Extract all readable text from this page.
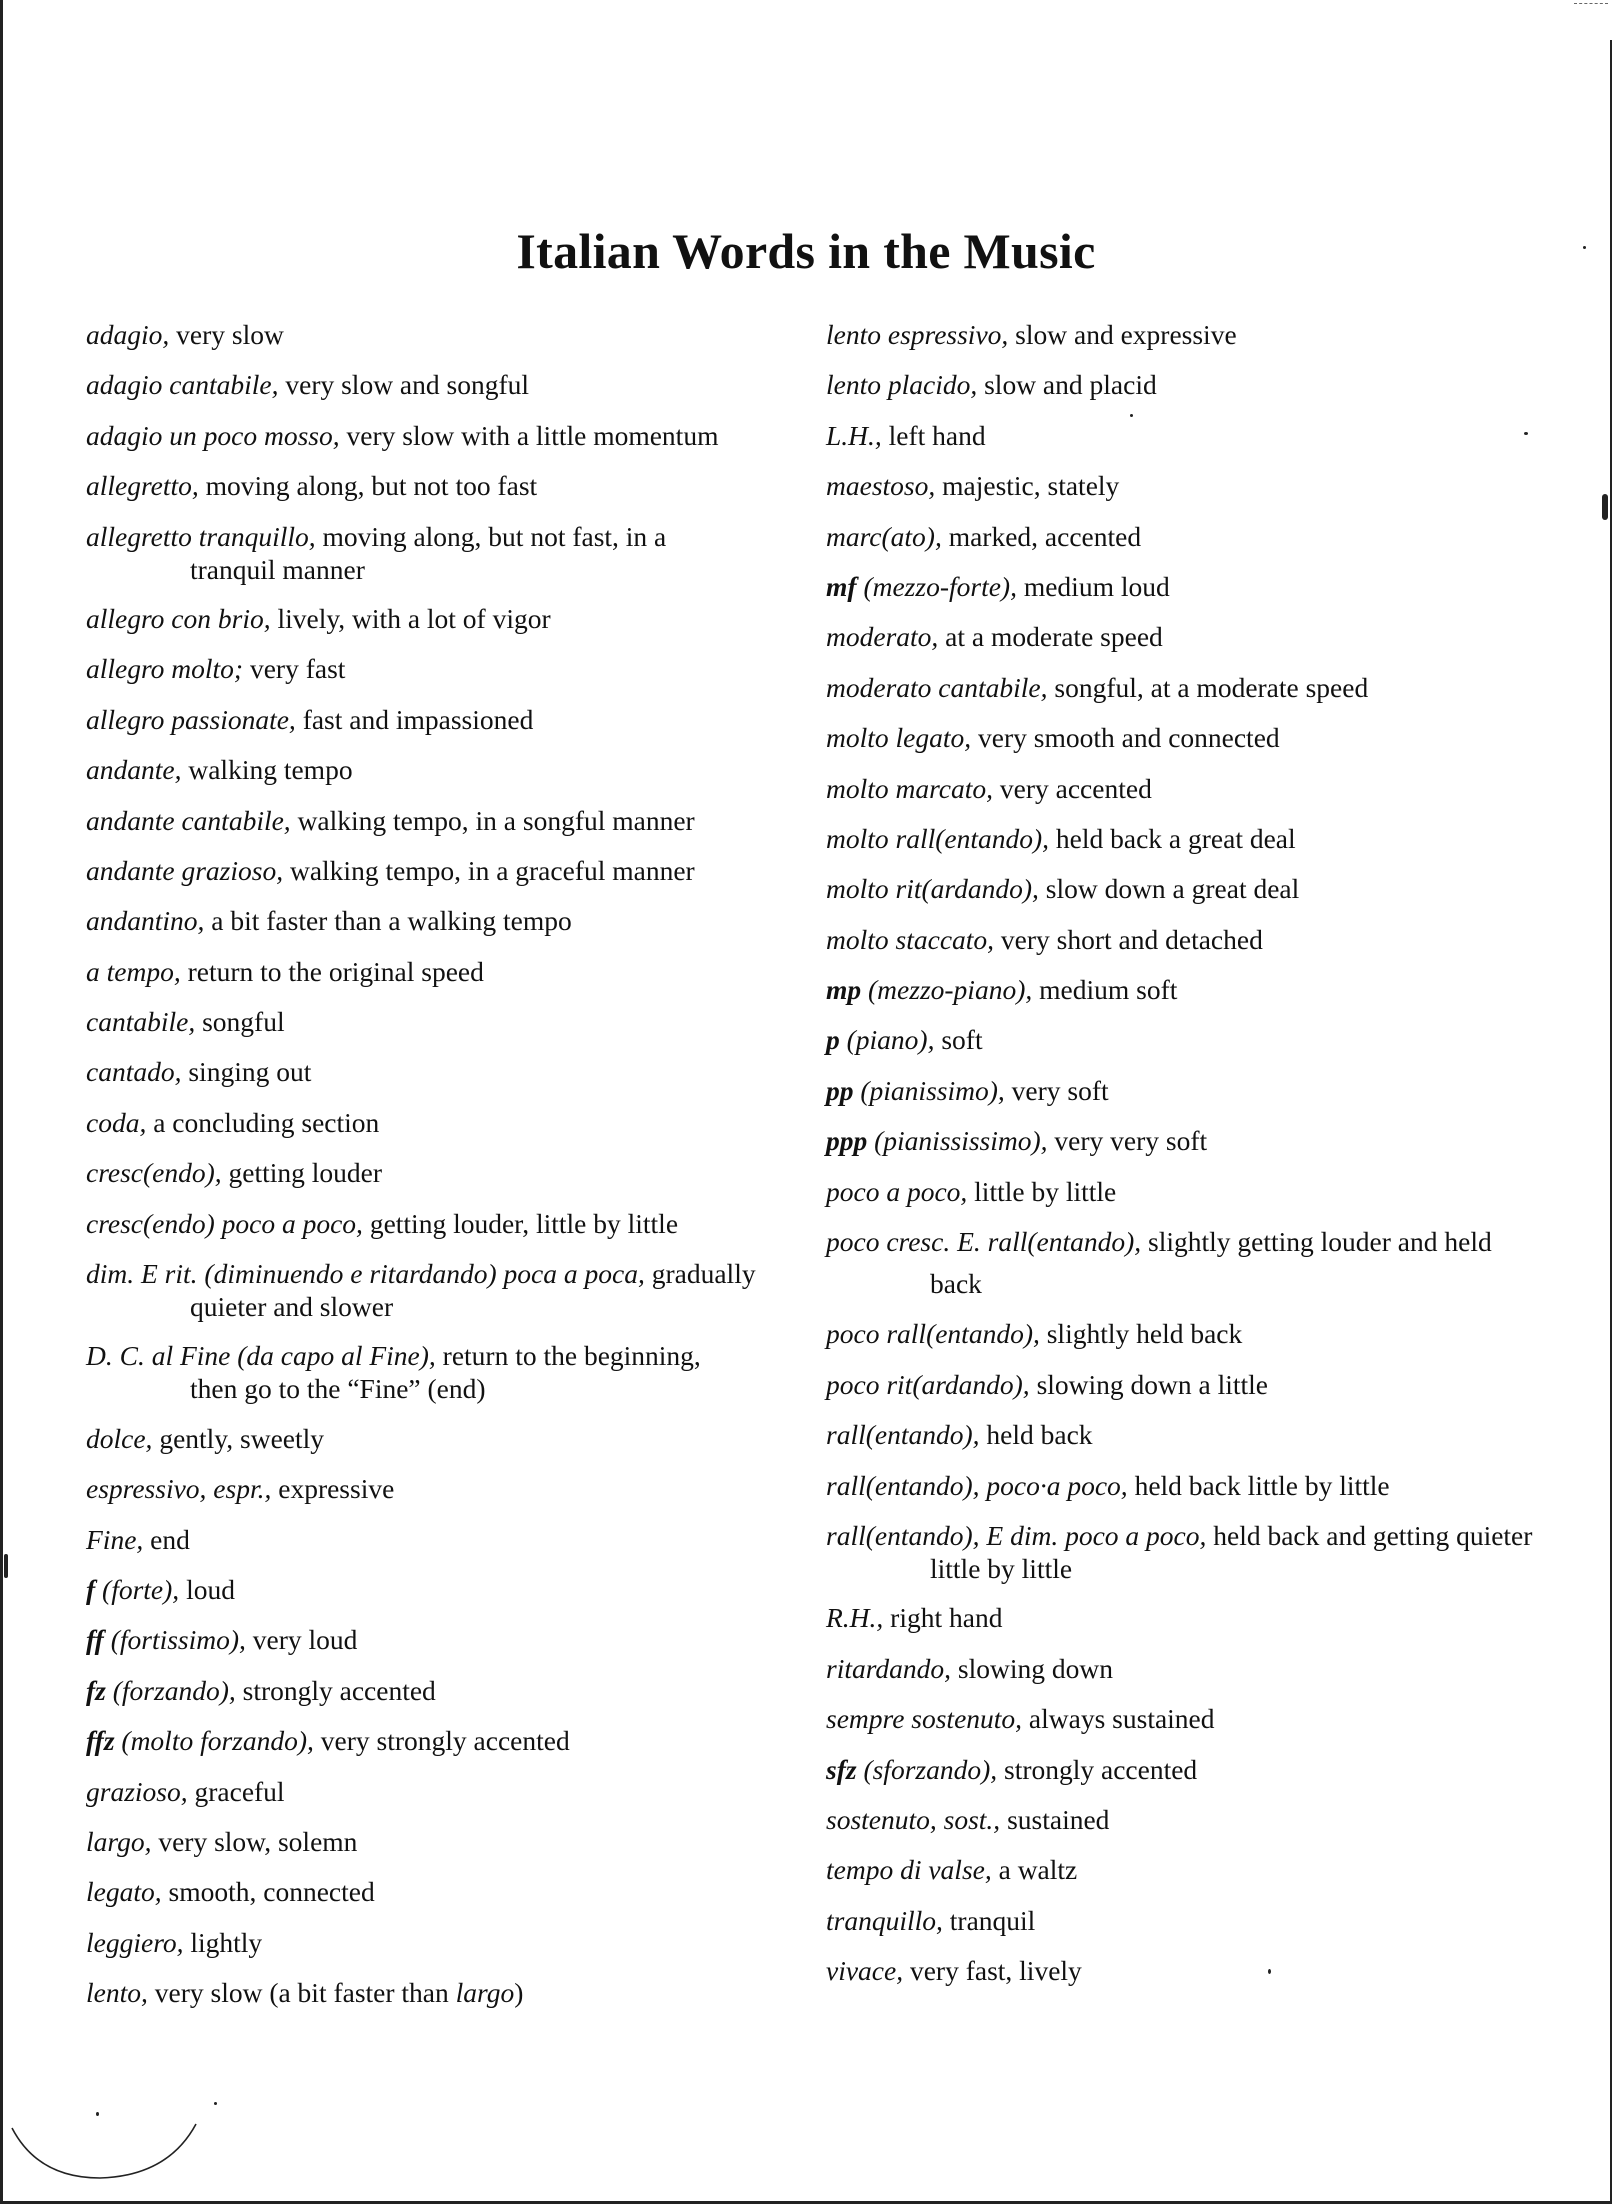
Italian Words in the Music
adagio, very slow
adagio cantabile, very slow and songful
adagio un poco mosso, very slow with a little momentum
allegretto, moving along, but not too fast
allegretto tranquillo, moving along, but not fast, in a
tranquil manner
allegro con brio, lively, with a lot of vigor
allegro molto; very fast
allegro passionate, fast and impassioned
andante, walking tempo
andante cantabile, walking tempo, in a songful manner
andante grazioso, walking tempo, in a graceful manner
andantino, a bit faster than a walking tempo
a tempo, return to the original speed
cantabile, songful
cantado, singing out
coda, a concluding section
cresc(endo), getting louder
cresc(endo) poco a poco, getting louder, little by little
dim. E rit. (diminuendo e ritardando) poca a poca, gradually
quieter and slower
D. C. al Fine (da capo al Fine), return to the beginning,
then go to the “Fine” (end)
dolce, gently, sweetly
espressivo, espr., expressive
Fine, end
f (forte), loud
ff (fortissimo), very loud
fz (forzando), strongly accented
ffz (molto forzando), very strongly accented
grazioso, graceful
largo, very slow, solemn
legato, smooth, connected
leggiero, lightly
lento, very slow (a bit faster than largo)
lento espressivo, slow and expressive
lento placido, slow and placid
L.H., left hand
maestoso, majestic, stately
marc(ato), marked, accented
mf (mezzo-forte), medium loud
moderato, at a moderate speed
moderato cantabile, songful, at a moderate speed
molto legato, very smooth and connected
molto marcato, very accented
molto rall(entando), held back a great deal
molto rit(ardando), slow down a great deal
molto staccato, very short and detached
mp (mezzo-piano), medium soft
p (piano), soft
pp (pianissimo), very soft
ppp (pianississimo), very very soft
poco a poco, little by little
poco cresc. E. rall(entando), slightly getting louder and held
back
poco rall(entando), slightly held back
poco rit(ardando), slowing down a little
rall(entando), held back
rall(entando), poco·a poco, held back little by little
rall(entando), E dim. poco a poco, held back and getting quieter
little by little
R.H., right hand
ritardando, slowing down
sempre sostenuto, always sustained
sfz (sforzando), strongly accented
sostenuto, sost., sustained
tempo di valse, a waltz
tranquillo, tranquil
vivace, very fast, lively
